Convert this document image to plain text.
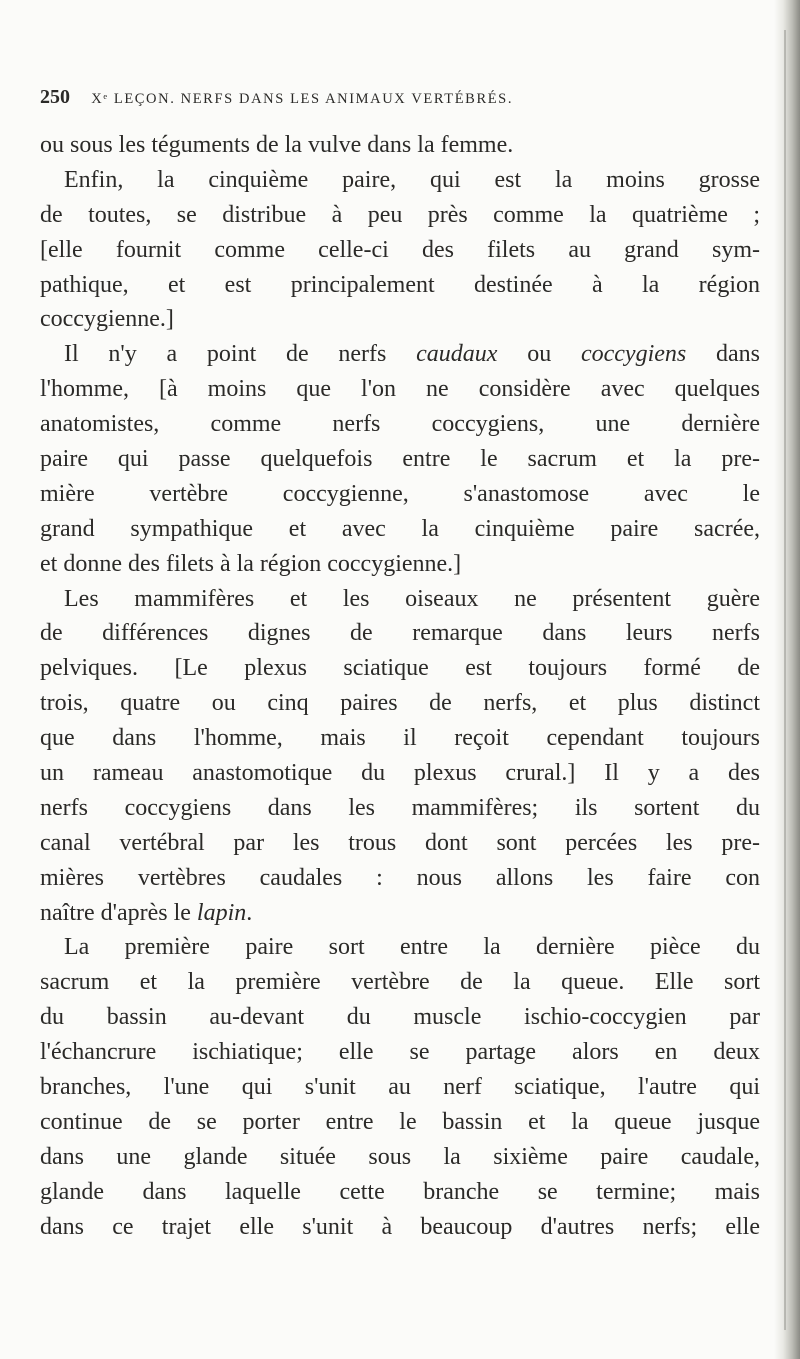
250 Xᵉ LEÇON. NERFS DANS LES ANIMAUX VERTÉBRÉS.
ou sous les téguments de la vulve dans la femme.
Enfin, la cinquième paire, qui est la moins grosse
de toutes, se distribue à peu près comme la quatrième ;
[elle fournit comme celle-ci des filets au grand sym-
pathique, et est principalement destinée à la région
coccygienne.]
Il n'y a point de nerfs caudaux ou coccygiens dans
l'homme, [à moins que l'on ne considère avec quelques
anatomistes, comme nerfs coccygiens, une dernière
paire qui passe quelquefois entre le sacrum et la pre-
mière vertèbre coccygienne, s'anastomose avec le
grand sympathique et avec la cinquième paire sacrée,
et donne des filets à la région coccygienne.]
Les mammifères et les oiseaux ne présentent guère
de différences dignes de remarque dans leurs nerfs
pelviques. [Le plexus sciatique est toujours formé de
trois, quatre ou cinq paires de nerfs, et plus distinct
que dans l'homme, mais il reçoit cependant toujours
un rameau anastomotique du plexus crural.] Il y a des
nerfs coccygiens dans les mammifères; ils sortent du
canal vertébral par les trous dont sont percées les pre-
mières vertèbres caudales : nous allons les faire con
naître d'après le lapin.
La première paire sort entre la dernière pièce du
sacrum et la première vertèbre de la queue. Elle sort
du bassin au-devant du muscle ischio-coccygien par
l'échancrure ischiatique; elle se partage alors en deux
branches, l'une qui s'unit au nerf sciatique, l'autre qui
continue de se porter entre le bassin et la queue jusque
dans une glande située sous la sixième paire caudale,
glande dans laquelle cette branche se termine; mais
dans ce trajet elle s'unit à beaucoup d'autres nerfs; elle
